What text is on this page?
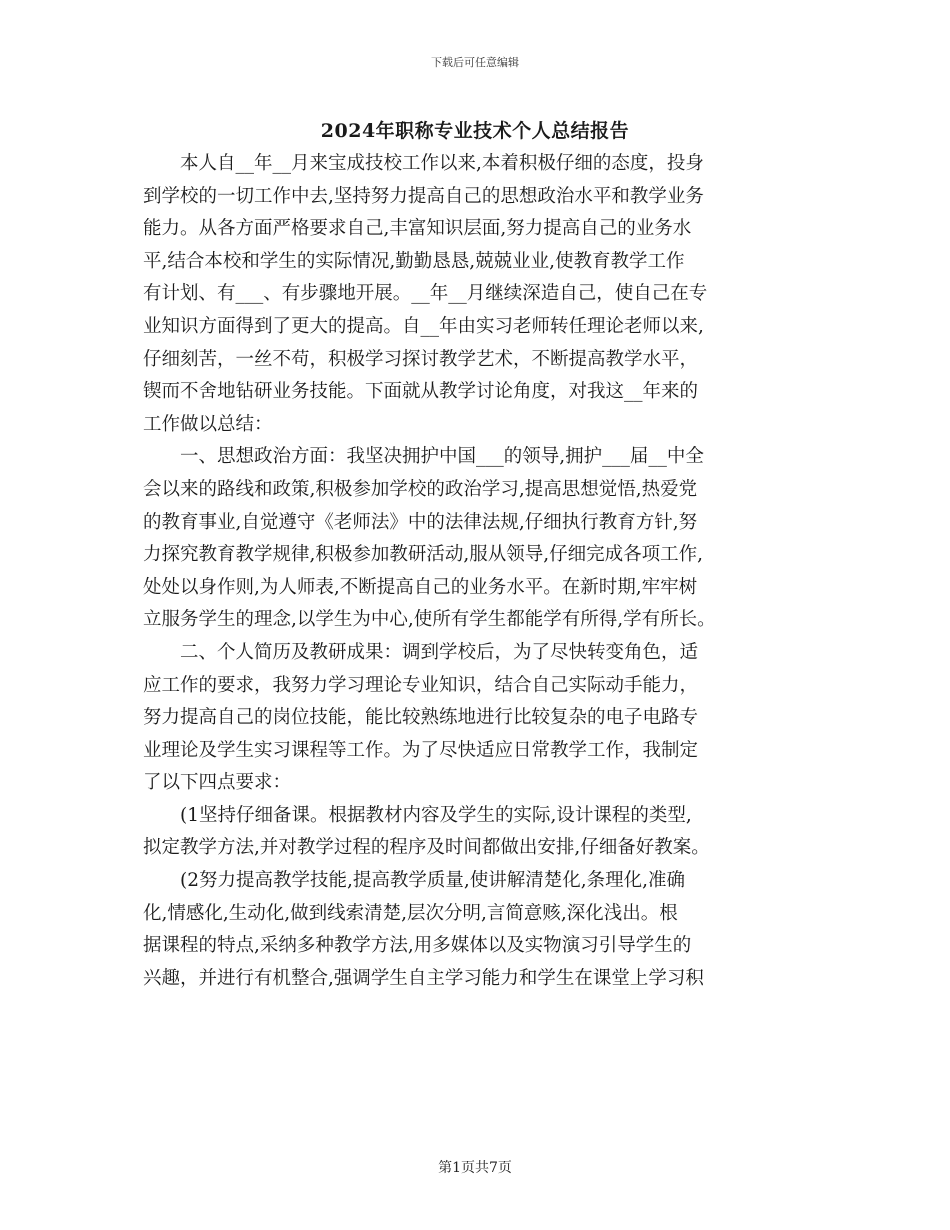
下载后可任意编辑
2024年职称专业技术个人总结报告
　　本人自__年__月来宝成技校工作以来,本着积极仔细的态度，投身
到学校的一切工作中去,坚持努力提高自己的思想政治水平和教学业务
能力。从各方面严格要求自己,丰富知识层面,努力提高自己的业务水
平,结合本校和学生的实际情况,勤勤恳恳,兢兢业业,使教育教学工作
有计划、有___、有步骤地开展。__年__月继续深造自己，使自己在专
业知识方面得到了更大的提高。自__年由实习老师转任理论老师以来,
仔细刻苦，一丝不苟，积极学习探讨教学艺术，不断提高教学水平，
锲而不舍地钻研业务技能。下面就从教学讨论角度，对我这__年来的
工作做以总结：
　　一、思想政治方面：我坚决拥护中国___的领导,拥护___届__中全
会以来的路线和政策,积极参加学校的政治学习,提高思想觉悟,热爱党
的教育事业,自觉遵守《老师法》中的法律法规,仔细执行教育方针,努
力探究教育教学规律,积极参加教研活动,服从领导,仔细完成各项工作,
处处以身作则,为人师表,不断提高自己的业务水平。在新时期,牢牢树
立服务学生的理念,以学生为中心,使所有学生都能学有所得,学有所长。
　　二、个人简历及教研成果：调到学校后，为了尽快转变角色，适
应工作的要求，我努力学习理论专业知识，结合自己实际动手能力，
努力提高自己的岗位技能，能比较熟练地进行比较复杂的电子电路专
业理论及学生实习课程等工作。为了尽快适应日常教学工作，我制定
了以下四点要求：
　　(1坚持仔细备课。根据教材内容及学生的实际,设计课程的类型,
拟定教学方法,并对教学过程的程序及时间都做出安排,仔细备好教案。
　　(2努力提高教学技能,提高教学质量,使讲解清楚化,条理化,准确
化,情感化,生动化,做到线索清楚,层次分明,言简意赅,深化浅出。根
据课程的特点,采纳多种教学方法,用多媒体以及实物演习引导学生的
兴趣，并进行有机整合,强调学生自主学习能力和学生在课堂上学习积
第1页共7页
